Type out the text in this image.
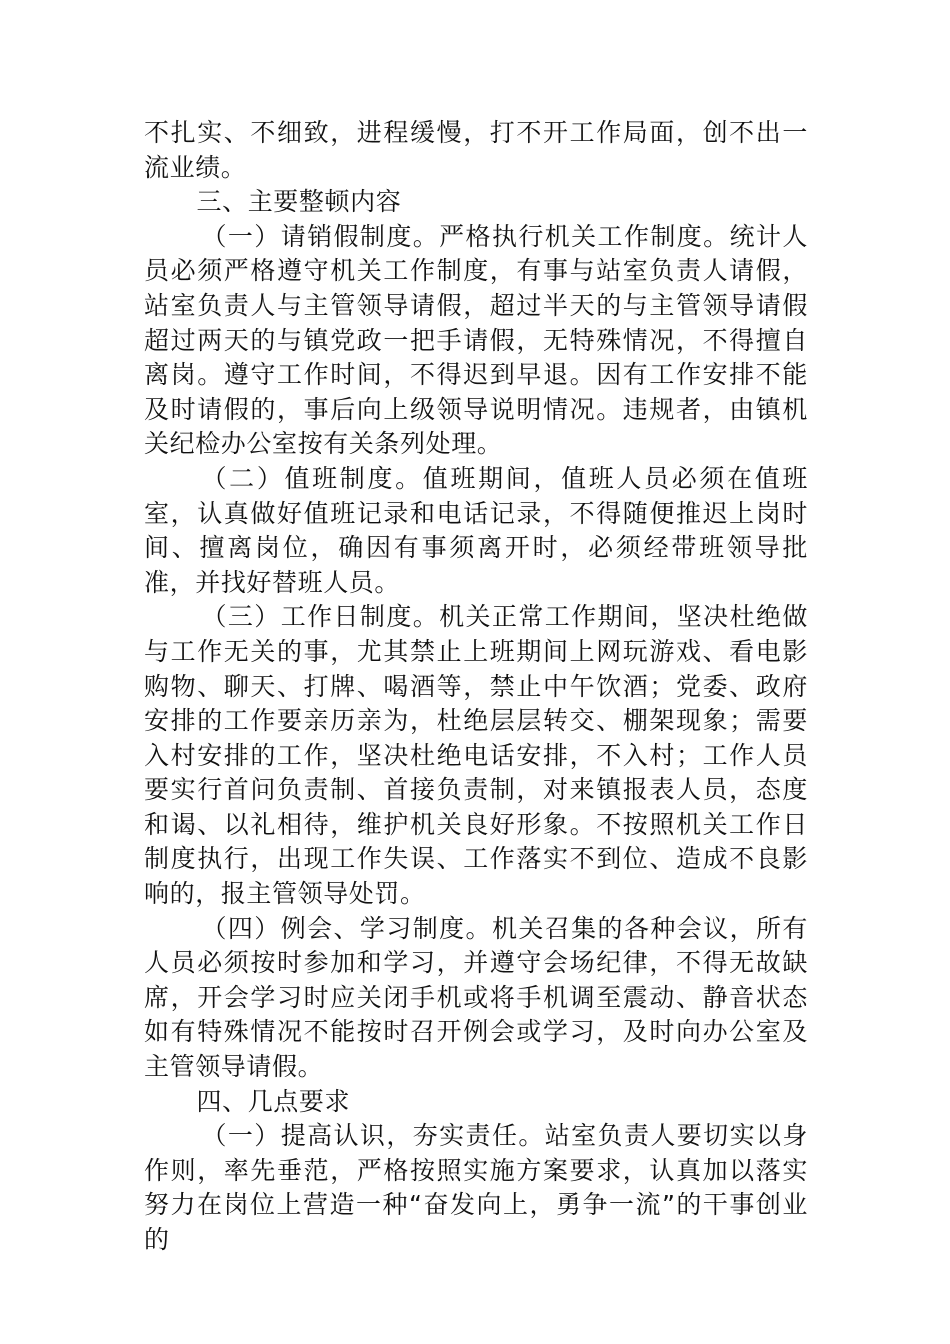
不扎实、不细致，进程缓慢，打不开工作局面，创不出一流业绩。

三、主要整顿内容

（一）请销假制度。严格执行机关工作制度。统计人员必须严格遵守机关工作制度，有事与站室负责人请假，站室负责人与主管领导请假，超过半天的与主管领导请假超过两天的与镇党政一把手请假，无特殊情况，不得擅自离岗。遵守工作时间，不得迟到早退。因有工作安排不能及时请假的，事后向上级领导说明情况。违规者，由镇机关纪检办公室按有关条列处理。

（二）值班制度。值班期间，值班人员必须在值班室，认真做好值班记录和电话记录，不得随便推迟上岗时间、擅离岗位，确因有事须离开时，必须经带班领导批准，并找好替班人员。

（三）工作日制度。机关正常工作期间，坚决杜绝做与工作无关的事，尤其禁止上班期间上网玩游戏、看电影购物、聊天、打牌、喝酒等，禁止中午饮酒；党委、政府安排的工作要亲历亲为，杜绝层层转交、棚架现象；需要入村安排的工作，坚决杜绝电话安排，不入村；工作人员要实行首问负责制、首接负责制，对来镇报表人员，态度和谒、以礼相待，维护机关良好形象。不按照机关工作日制度执行，出现工作失误、工作落实不到位、造成不良影响的，报主管领导处罚。

（四）例会、学习制度。机关召集的各种会议，所有人员必须按时参加和学习，并遵守会场纪律，不得无故缺席，开会学习时应关闭手机或将手机调至震动、静音状态如有特殊情况不能按时召开例会或学习，及时向办公室及主管领导请假。

四、几点要求

（一）提高认识，夯实责任。站室负责人要切实以身作则，率先垂范，严格按照实施方案要求，认真加以落实努力在岗位上营造一种“奋发向上，勇争一流”的干事创业的
